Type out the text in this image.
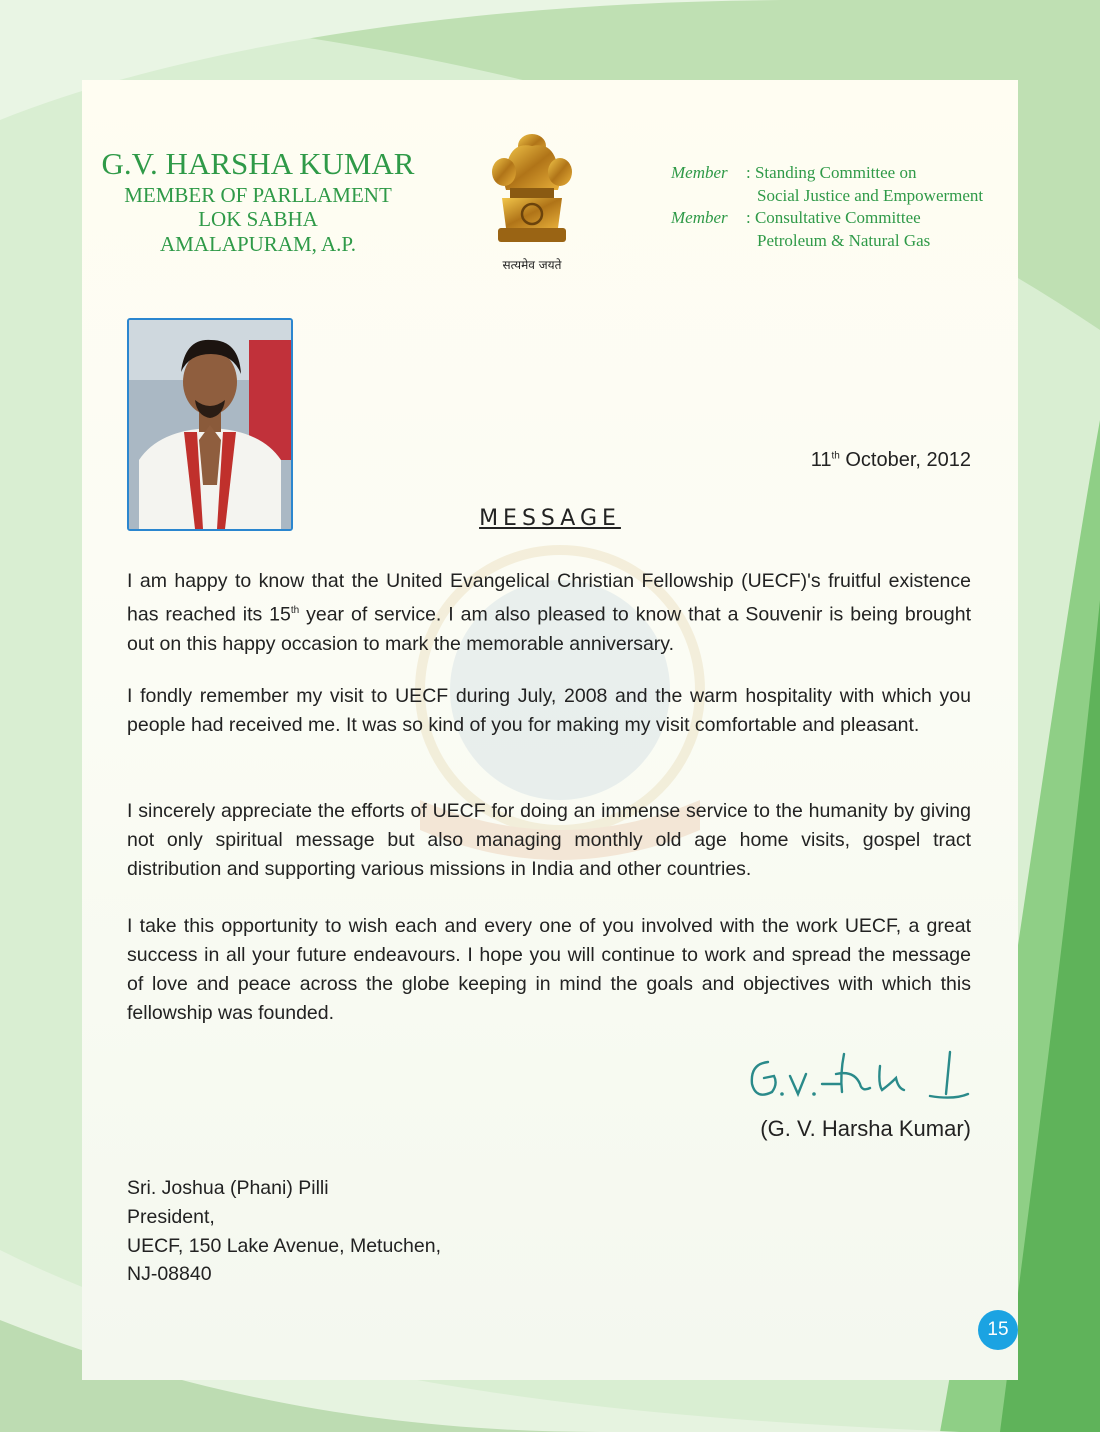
G.V. HARSHA KUMAR
MEMBER OF PARLLAMENT
LOK SABHA
AMALAPURAM, A.P.
सत्यमेव जयते
Member : Standing Committee on
Social Justice and Empowerment
Member : Consultative Committee
Petroleum & Natural Gas
11th October, 2012
MESSAGE

I am happy to know that the United Evangelical Christian Fellowship (UECF)'s fruitful existence has reached its 15th year of service. I am also pleased to know that a Souvenir is being brought out on this happy occasion to mark the memorable anniversary.

I fondly remember my visit to UECF during July, 2008 and the warm hospitality with which you people had received me. It was so kind of you for making my visit comfortable and pleasant.

I sincerely appreciate the efforts of UECF for doing an immense service to the humanity by giving not only spiritual message but also managing monthly old age home visits, gospel tract distribution and supporting various missions in India and other countries.

I take this opportunity to wish each and every one of you involved with the work UECF, a great success in all your future endeavours. I hope you will continue to work and spread the message of love and peace across the globe keeping in mind the goals and objectives with which this fellowship was founded.

(G. V. Harsha Kumar)
Sri. Joshua (Phani) Pilli
President,
UECF, 150 Lake Avenue, Metuchen,
NJ-08840
15
